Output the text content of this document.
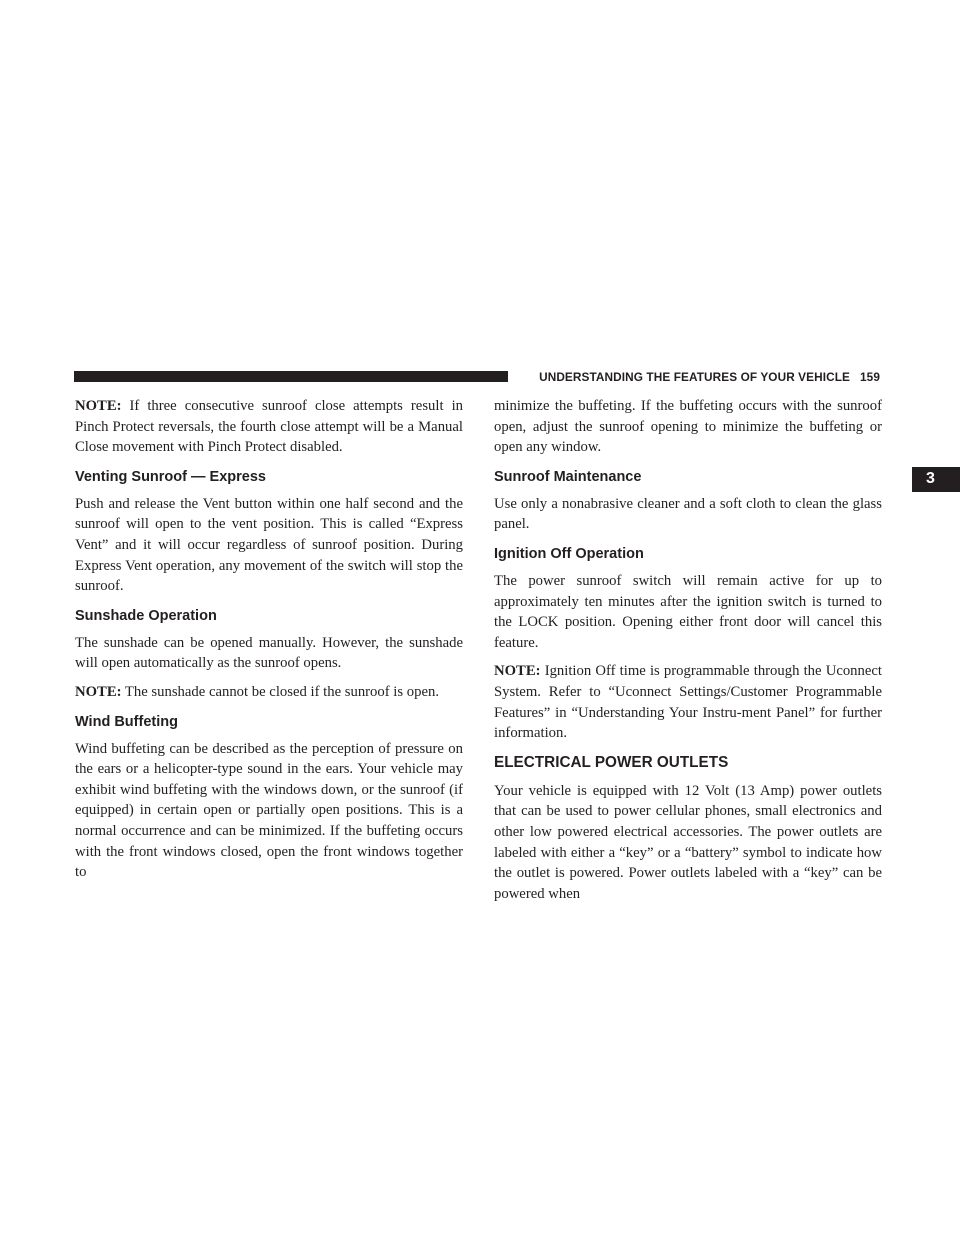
UNDERSTANDING THE FEATURES OF YOUR VEHICLE 159
3

NOTE: If three consecutive sunroof close attempts result in Pinch Protect reversals, the fourth close attempt will be a Manual Close movement with Pinch Protect disabled.

Venting Sunroof — Express

Push and release the Vent button within one half second and the sunroof will open to the vent position. This is called “Express Vent” and it will occur regardless of sunroof position. During Express Vent operation, any movement of the switch will stop the sunroof.

Sunshade Operation

The sunshade can be opened manually. However, the sunshade will open automatically as the sunroof opens.

NOTE: The sunshade cannot be closed if the sunroof is open.

Wind Buffeting

Wind buffeting can be described as the perception of pressure on the ears or a helicopter-type sound in the ears. Your vehicle may exhibit wind buffeting with the windows down, or the sunroof (if equipped) in certain open or partially open positions. This is a normal occurrence and can be minimized. If the buffeting occurs with the front windows closed, open the front windows together to

minimize the buffeting. If the buffeting occurs with the sunroof open, adjust the sunroof opening to minimize the buffeting or open any window.

Sunroof Maintenance

Use only a nonabrasive cleaner and a soft cloth to clean the glass panel.

Ignition Off Operation

The power sunroof switch will remain active for up to approximately ten minutes after the ignition switch is turned to the LOCK position. Opening either front door will cancel this feature.

NOTE: Ignition Off time is programmable through the Uconnect System. Refer to “Uconnect Settings/Customer Programmable Features” in “Understanding Your Instru-ment Panel” for further information.

ELECTRICAL POWER OUTLETS

Your vehicle is equipped with 12 Volt (13 Amp) power outlets that can be used to power cellular phones, small electronics and other low powered electrical accessories. The power outlets are labeled with either a “key” or a “battery” symbol to indicate how the outlet is powered. Power outlets labeled with a “key” can be powered when
